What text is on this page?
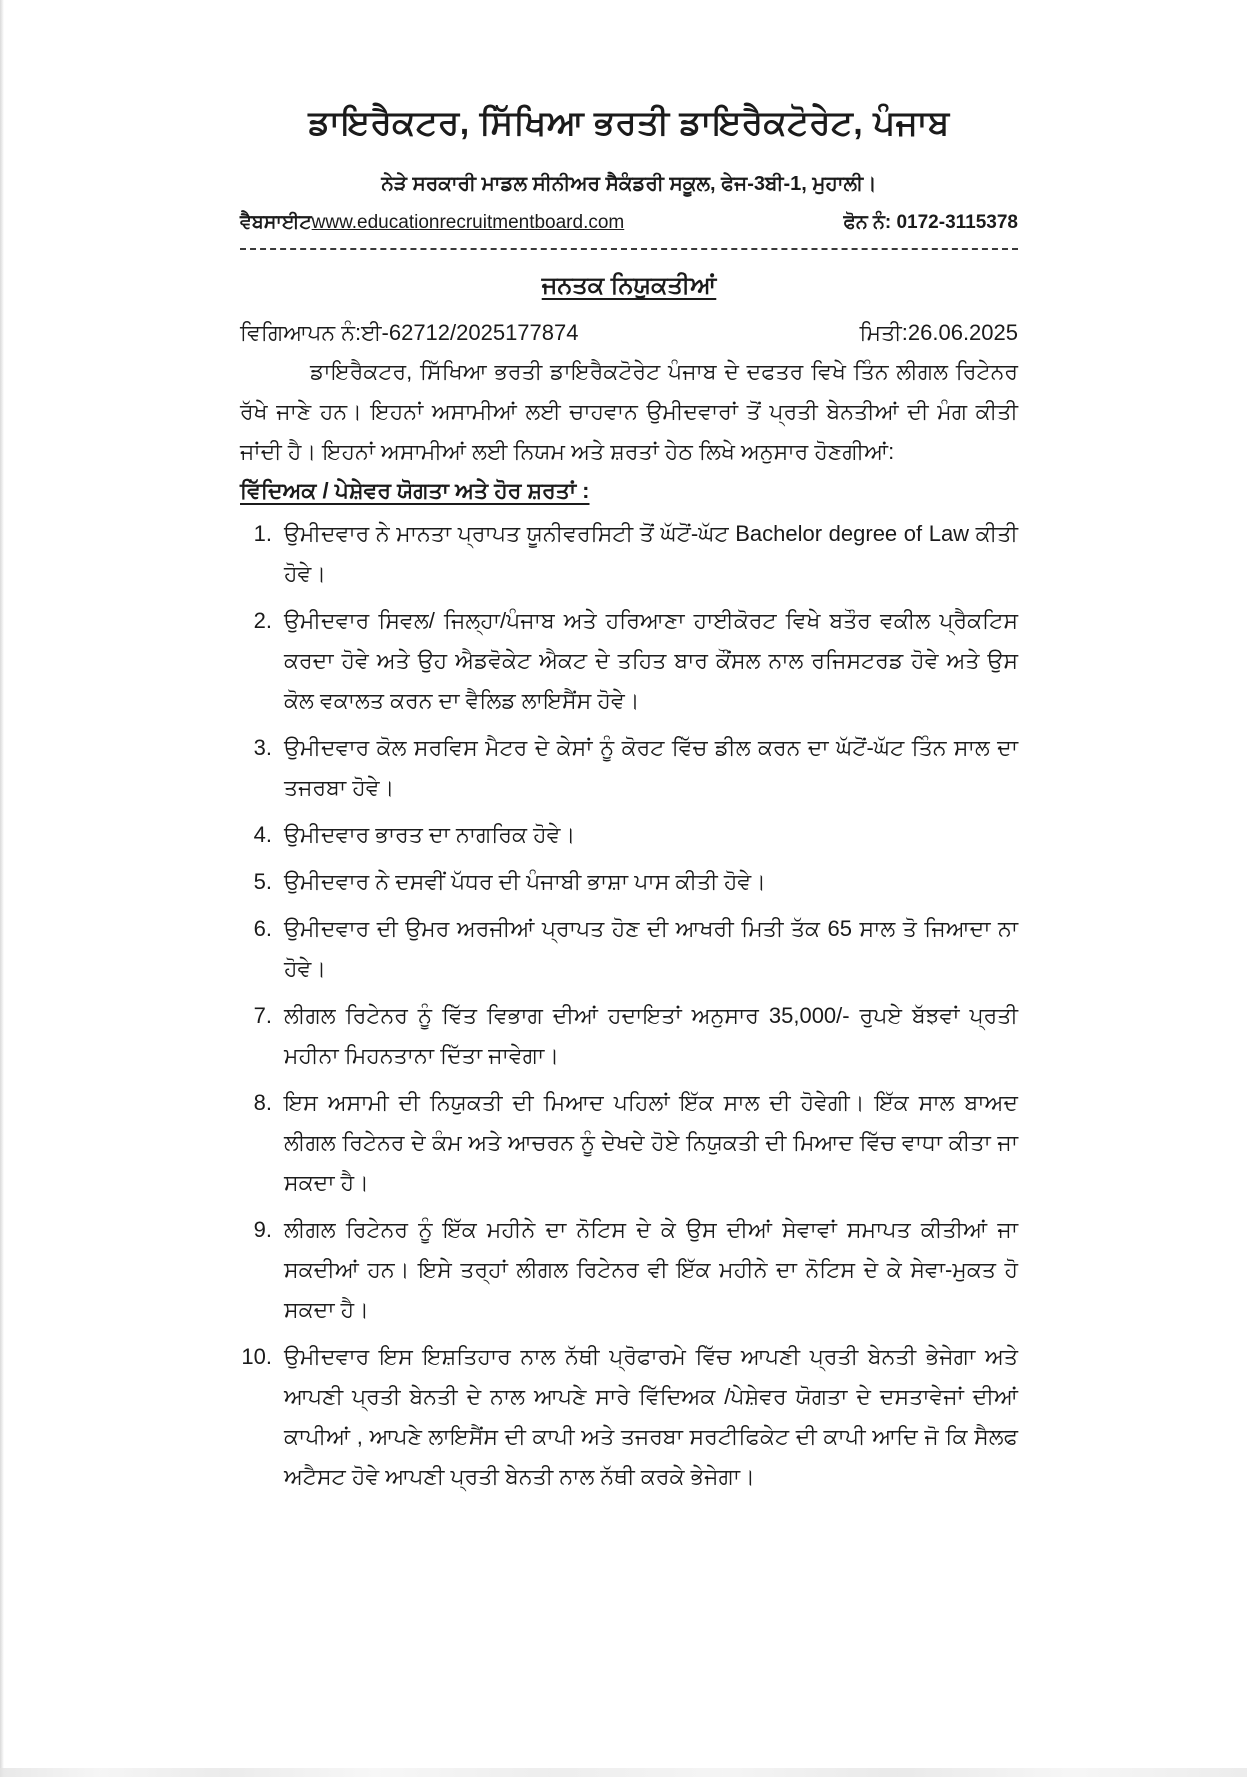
ਡਾਇਰੈਕਟਰ, ਸਿੱਖਿਆ ਭਰਤੀ ਡਾਇਰੈਕਟੋਰੇਟ, ਪੰਜਾਬ
ਨੇੜੇ ਸਰਕਾਰੀ ਮਾਡਲ ਸੀਨੀਅਰ ਸੈਕੰਡਰੀ ਸਕੂਲ, ਫੇਜ-3ਬੀ-1, ਮੁਹਾਲੀ।
ਵੈਬਸਾਈਟwww.educationrecruitmentboard.com	ਫੋਨ ਨੰ: 0172-3115378
ਜਨਤਕ ਨਿਯੁਕਤੀਆਂ
ਵਿਗਿਆਪਨ ਨੰ:ਈ-62712/2025177874	ਮਿਤੀ:26.06.2025

ਡਾਇਰੈਕਟਰ, ਸਿੱਖਿਆ ਭਰਤੀ ਡਾਇਰੈਕਟੋਰੇਟ ਪੰਜਾਬ ਦੇ ਦਫਤਰ ਵਿਖੇ ਤਿੰਨ ਲੀਗਲ ਰਿਟੇਨਰ ਰੱਖੇ ਜਾਣੇ ਹਨ। ਇਹਨਾਂ ਅਸਾਮੀਆਂ ਲਈ ਚਾਹਵਾਨ ਉਮੀਦਵਾਰਾਂ ਤੋਂ ਪ੍ਰਤੀ ਬੇਨਤੀਆਂ ਦੀ ਮੰਗ ਕੀਤੀ ਜਾਂਦੀ ਹੈ। ਇਹਨਾਂ ਅਸਾਮੀਆਂ ਲਈ ਨਿਯਮ ਅਤੇ ਸ਼ਰਤਾਂ ਹੇਠ ਲਿਖੇ ਅਨੁਸਾਰ ਹੋਣਗੀਆਂ:

ਵਿੱਦਿਅਕ / ਪੇਸ਼ੇਵਰ ਯੋਗਤਾ ਅਤੇ ਹੋਰ ਸ਼ਰਤਾਂ :
1. ਉਮੀਦਵਾਰ ਨੇ ਮਾਨਤਾ ਪ੍ਰਾਪਤ ਯੂਨੀਵਰਸਿਟੀ ਤੋਂ ਘੱਟੋਂ-ਘੱਟ Bachelor degree of Law ਕੀਤੀ ਹੋਵੇ।
2. ਉਮੀਦਵਾਰ ਸਿਵਲ/ ਜਿਲ੍ਹਾ/ਪੰਜਾਬ ਅਤੇ ਹਰਿਆਣਾ ਹਾਈਕੋਰਟ ਵਿਖੇ ਬਤੌਰ ਵਕੀਲ ਪ੍ਰੈਕਟਿਸ ਕਰਦਾ ਹੋਵੇ ਅਤੇ ਉਹ ਐਡਵੋਕੇਟ ਐਕਟ ਦੇ ਤਹਿਤ ਬਾਰ ਕੌਂਸਲ ਨਾਲ ਰਜਿਸਟਰਡ ਹੋਵੇ ਅਤੇ ਉਸ ਕੋਲ ਵਕਾਲਤ ਕਰਨ ਦਾ ਵੈਲਿਡ ਲਾਇਸੈਂਸ ਹੋਵੇ।
3. ਉਮੀਦਵਾਰ ਕੋਲ ਸਰਵਿਸ ਮੈਟਰ ਦੇ ਕੇਸਾਂ ਨੂੰ ਕੋਰਟ ਵਿੱਚ ਡੀਲ ਕਰਨ ਦਾ ਘੱਟੋਂ-ਘੱਟ ਤਿੰਨ ਸਾਲ ਦਾ ਤਜਰਬਾ ਹੋਵੇ।
4. ਉਮੀਦਵਾਰ ਭਾਰਤ ਦਾ ਨਾਗਰਿਕ ਹੋਵੇ।
5. ਉਮੀਦਵਾਰ ਨੇ ਦਸਵੀਂ ਪੱਧਰ ਦੀ ਪੰਜਾਬੀ ਭਾਸ਼ਾ ਪਾਸ ਕੀਤੀ ਹੋਵੇ।
6. ਉਮੀਦਵਾਰ ਦੀ ਉਮਰ ਅਰਜੀਆਂ ਪ੍ਰਾਪਤ ਹੋਣ ਦੀ ਆਖਰੀ ਮਿਤੀ ਤੱਕ 65 ਸਾਲ ਤੋ ਜਿਆਦਾ ਨਾ ਹੋਵੇ।
7. ਲੀਗਲ ਰਿਟੇਨਰ ਨੂੰ ਵਿੱਤ ਵਿਭਾਗ ਦੀਆਂ ਹਦਾਇਤਾਂ ਅਨੁਸਾਰ 35,000/- ਰੁਪਏ ਬੱਝਵਾਂ ਪ੍ਰਤੀ ਮਹੀਨਾ ਮਿਹਨਤਾਨਾ ਦਿੱਤਾ ਜਾਵੇਗਾ।
8. ਇਸ ਅਸਾਮੀ ਦੀ ਨਿਯੁਕਤੀ ਦੀ ਮਿਆਦ ਪਹਿਲਾਂ ਇੱਕ ਸਾਲ ਦੀ ਹੋਵੇਗੀ। ਇੱਕ ਸਾਲ ਬਾਅਦ ਲੀਗਲ ਰਿਟੇਨਰ ਦੇ ਕੰਮ ਅਤੇ ਆਚਰਨ ਨੂੰ ਦੇਖਦੇ ਹੋਏ ਨਿਯੁਕਤੀ ਦੀ ਮਿਆਦ ਵਿੱਚ ਵਾਧਾ ਕੀਤਾ ਜਾ ਸਕਦਾ ਹੈ।
9. ਲੀਗਲ ਰਿਟੇਨਰ ਨੂੰ ਇੱਕ ਮਹੀਨੇ ਦਾ ਨੋਟਿਸ ਦੇ ਕੇ ਉਸ ਦੀਆਂ ਸੇਵਾਵਾਂ ਸਮਾਪਤ ਕੀਤੀਆਂ ਜਾ ਸਕਦੀਆਂ ਹਨ। ਇਸੇ ਤਰ੍ਹਾਂ ਲੀਗਲ ਰਿਟੇਨਰ ਵੀ ਇੱਕ ਮਹੀਨੇ ਦਾ ਨੋਟਿਸ ਦੇ ਕੇ ਸੇਵਾ-ਮੁਕਤ ਹੋ ਸਕਦਾ ਹੈ।
10. ਉਮੀਦਵਾਰ ਇਸ ਇਸ਼ਤਿਹਾਰ ਨਾਲ ਨੱਥੀ ਪ੍ਰੋਫਾਰਮੇ ਵਿੱਚ ਆਪਣੀ ਪ੍ਰਤੀ ਬੇਨਤੀ ਭੇਜੇਗਾ ਅਤੇ ਆਪਣੀ ਪ੍ਰਤੀ ਬੇਨਤੀ ਦੇ ਨਾਲ ਆਪਣੇ ਸਾਰੇ ਵਿੱਦਿਅਕ /ਪੇਸ਼ੇਵਰ ਯੋਗਤਾ ਦੇ ਦਸਤਾਵੇਜਾਂ ਦੀਆਂ ਕਾਪੀਆਂ , ਆਪਣੇ ਲਾਇਸੈਂਸ ਦੀ ਕਾਪੀ ਅਤੇ ਤਜਰਬਾ ਸਰਟੀਫਿਕੇਟ ਦੀ ਕਾਪੀ ਆਦਿ ਜੋ ਕਿ ਸੈਲਫ ਅਟੈਸਟ ਹੋਵੇ ਆਪਣੀ ਪ੍ਰਤੀ ਬੇਨਤੀ ਨਾਲ ਨੱਥੀ ਕਰਕੇ ਭੇਜੇਗਾ।
